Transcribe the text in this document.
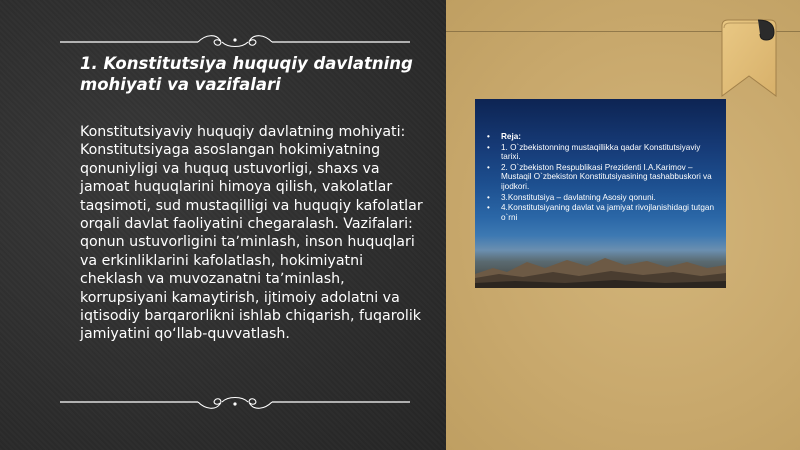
1. Konstitutsiya huquqiy davlatning mohiyati va vazifalari
Konstitutsiyaviy huquqiy davlatning mohiyati: Konstitutsiyaga asoslangan hokimiyatning qonuniyligi va huquq ustuvorligi, shaxs va jamoat huquqlarini himoya qilish, vakolatlar taqsimoti, sud mustaqilligi va huquqiy kafolatlar orqali davlat faoliyatini chegaralash. Vazifalari: qonun ustuvorligini taʼminlash, inson huquqlari va erkinliklarini kafolatlash, hokimiyatni cheklash va muvozanatni taʼminlash, korrupsiyani kamaytirish, ijtimoiy adolatni va iqtisodiy barqarorlikni ishlab chiqarish, fuqarolik jamiyatini qoʻllab-quvvatlash.
• Reja:
• 1. O`zbekistonning mustaqillikka qadar Konstitutsiyaviy tarixi.
• 2. O`zbekiston Respublikasi Prezidenti I.A.Karimov – Mustaqil O`zbekiston Konstitutsiyasining tashabbuskori va ijodkori.
• 3.Konstitutsiya – davlatning Asosiy qonuni.
• 4.Konstitutsiyaning davlat va jamiyat rivojlanishidagi tutgan o`rni
